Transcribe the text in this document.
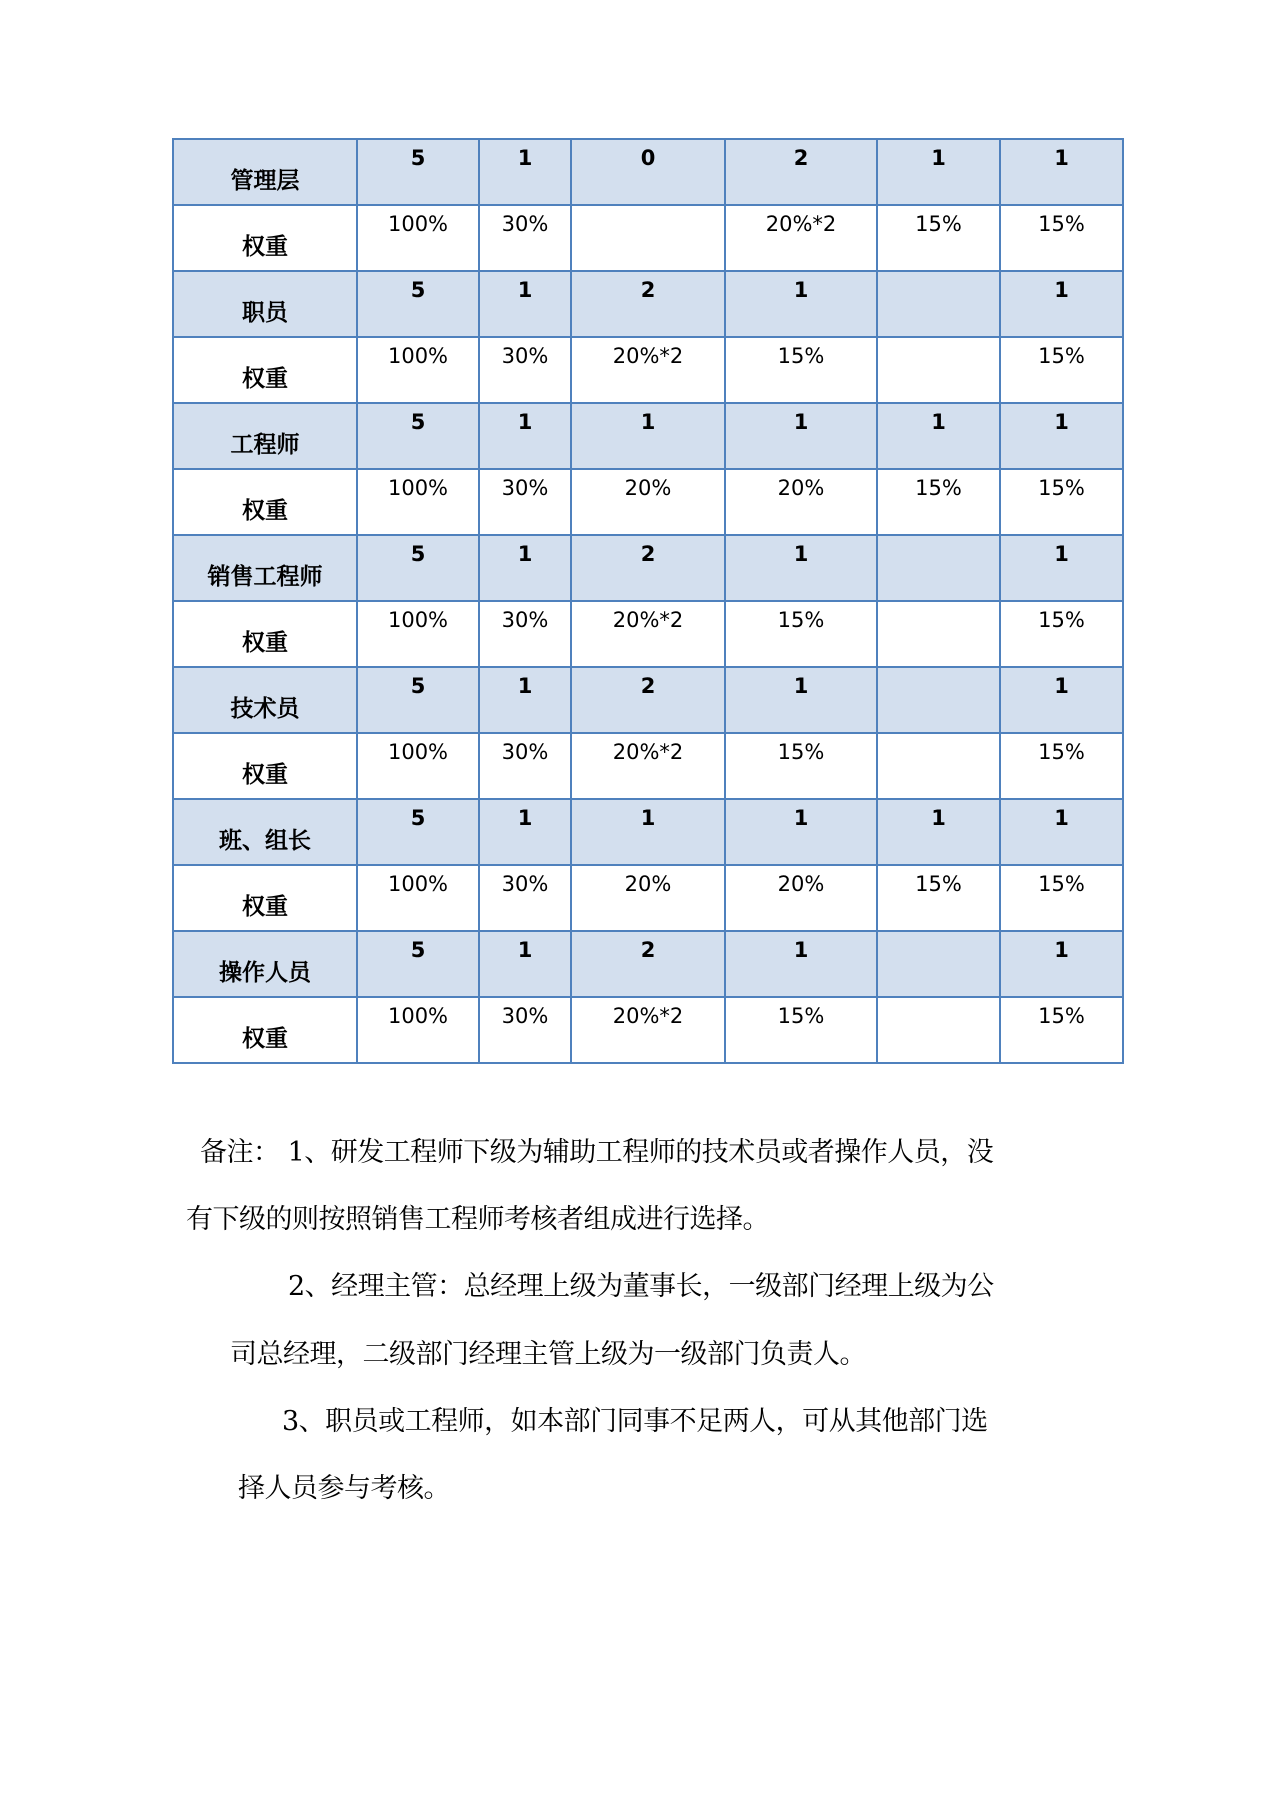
管理层	5	1	0	2	1	1
权重	100%	30%		20%*2	15%	15%
职员	5	1	2	1		1
权重	100%	30%	20%*2	15%		15%
工程师	5	1	1	1	1	1
权重	100%	30%	20%	20%	15%	15%
销售工程师	5	1	2	1		1
权重	100%	30%	20%*2	15%		15%
技术员	5	1	2	1		1
权重	100%	30%	20%*2	15%		15%
班、组长	5	1	1	1	1	1
权重	100%	30%	20%	20%	15%	15%
操作人员	5	1	2	1		1
权重	100%	30%	20%*2	15%		15%
备注： 1、研发工程师下级为辅助工程师的技术员或者操作人员，没
有下级的则按照销售工程师考核者组成进行选择。
2、经理主管：总经理上级为董事长，一级部门经理上级为公
司总经理，二级部门经理主管上级为一级部门负责人。
3、职员或工程师，如本部门同事不足两人，可从其他部门选
择人员参与考核。
